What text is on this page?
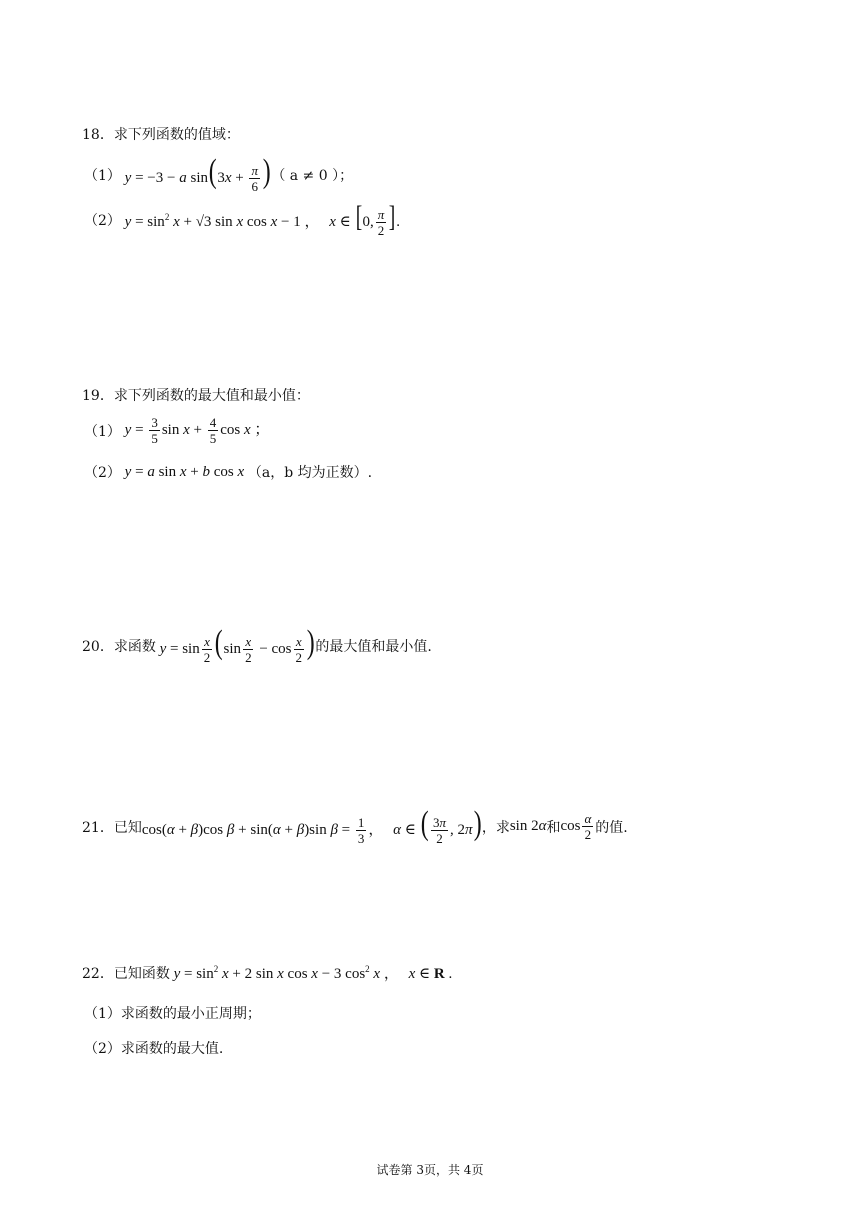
18．求下列函数的值域：
（1） y = −3 − a $\sin(3x + \frac{\pi}{6}$ ) （ a ≠ 0 ）；
（2） $y = \sin^2 x + √3$ sin x cos x − 1 ， x ∈ [0, $\frac{\pi}{2}$ ].
19．求下列函数的最大值和最小值：
（1） $y = \frac{3}{5}$ $\sin x + \frac{4}{5}$ cos x ；
（2） y = a sin x + b cos x （a，b 均为正数）.
20．求函数 $y = \sin \frac{x}{2} (\sin \frac{x}{2} - \cos \frac{x}{2}$ ) 的最大值和最小值.
21．已知 cos(α + β)cos β + sin(α + β)sin $\beta = \frac{1}{3}$ ， α ∈ ( $\frac{3\pi}{2}$ , 2π) ，求 sin 2α 和 $\cos \frac{\alpha}{2}$ 的值.
22．已知函数 $y = \sin^2 x + 2$ sin x cos x − 3 $\cos^2 x$ ， x ∈ R .
（1）求函数的最小正周期；
（2）求函数的最大值.
试卷第 3页，共 4页
